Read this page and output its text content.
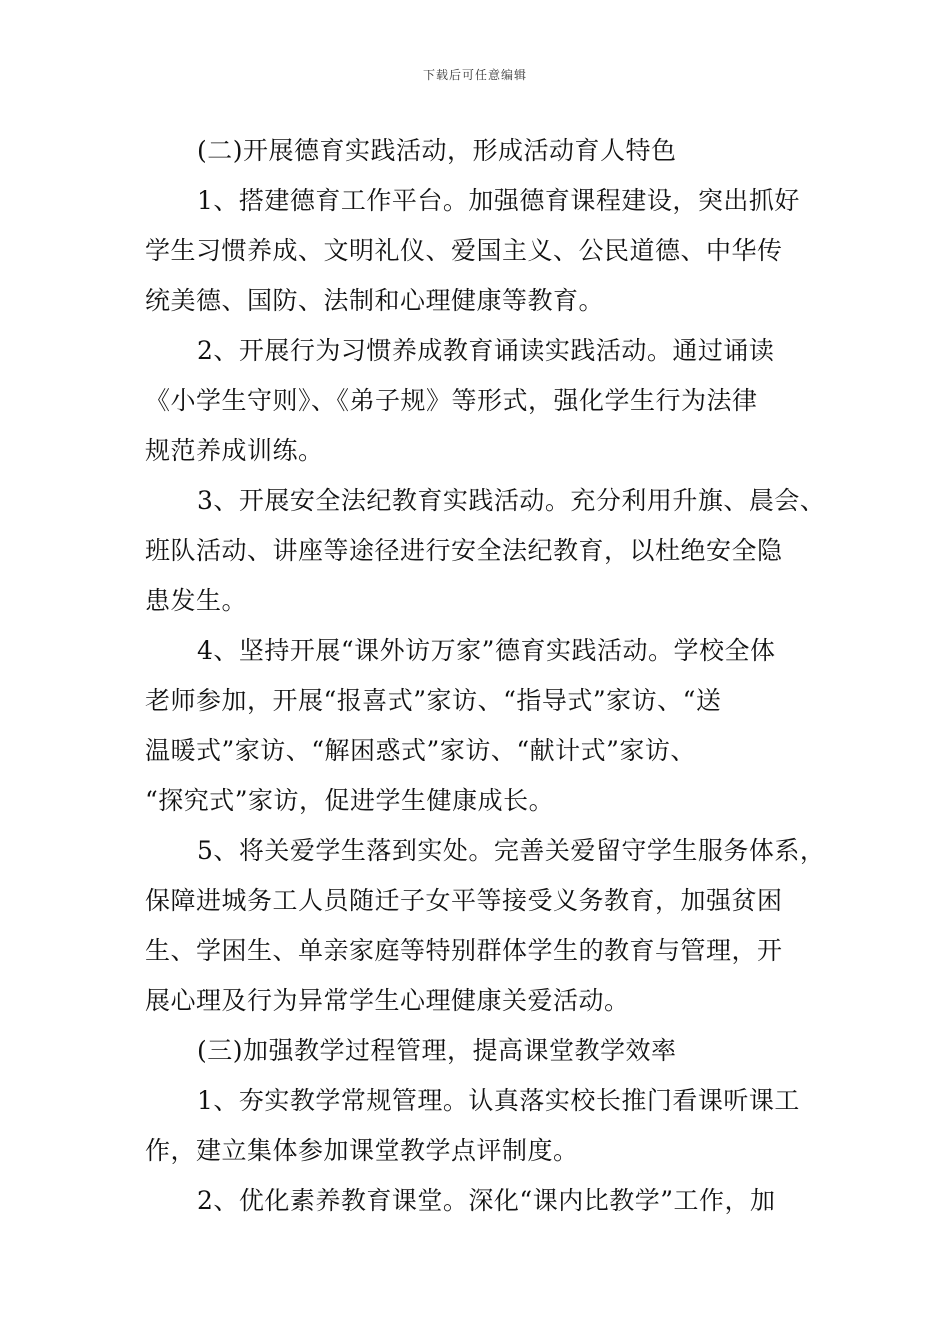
下载后可任意编辑

(二)开展德育实践活动，形成活动育人特色

1、搭建德育工作平台。加强德育课程建设，突出抓好
学生习惯养成、文明礼仪、爱国主义、公民道德、中华传
统美德、国防、法制和心理健康等教育。

2、开展行为习惯养成教育诵读实践活动。通过诵读
《小学生守则》、《弟子规》等形式，强化学生行为法律
规范养成训练。

3、开展安全法纪教育实践活动。充分利用升旗、晨会、
班队活动、讲座等途径进行安全法纪教育，以杜绝安全隐
患发生。

4、坚持开展“课外访万家”德育实践活动。学校全体
老师参加，开展“报喜式”家访、“指导式”家访、“送
温暖式”家访、“解困惑式”家访、“献计式”家访、
“探究式”家访，促进学生健康成长。

5、将关爱学生落到实处。完善关爱留守学生服务体系，
保障进城务工人员随迁子女平等接受义务教育，加强贫困
生、学困生、单亲家庭等特别群体学生的教育与管理，开
展心理及行为异常学生心理健康关爱活动。

(三)加强教学过程管理，提高课堂教学效率

1、夯实教学常规管理。认真落实校长推门看课听课工
作，建立集体参加课堂教学点评制度。

2、优化素养教育课堂。深化“课内比教学”工作，加
